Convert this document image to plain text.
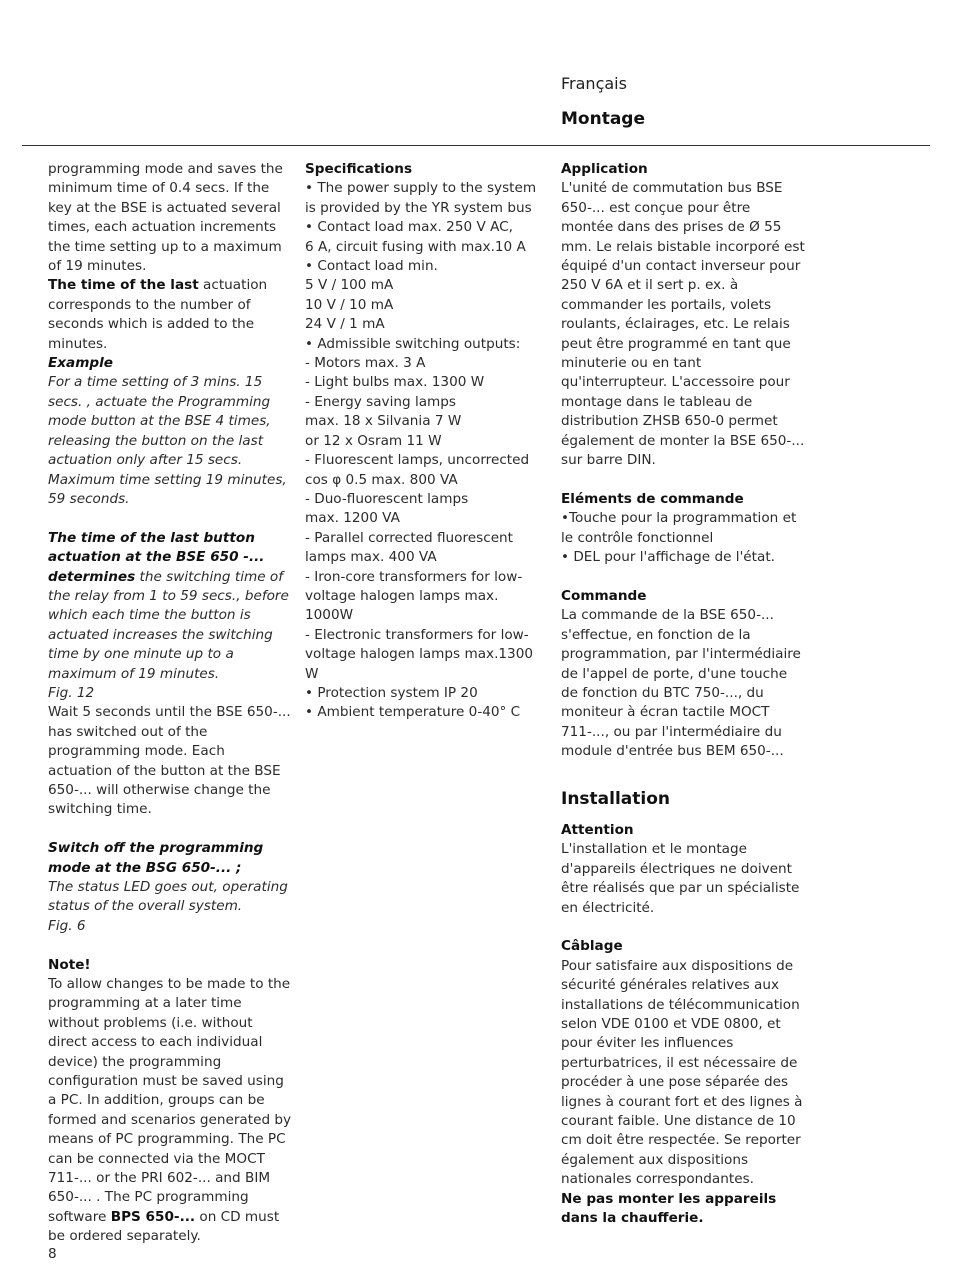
Français
Montage

programming mode and saves the minimum time of 0.4 secs. If the key at the BSE is actuated several times, each actuation increments the time setting up to a maximum of 19 minutes.

The time of the last actuation corresponds to the number of seconds which is added to the minutes.

Example

For a time setting of 3 mins. 15 secs. , actuate the Programming mode button at the BSE 4 times, releasing the button on the last actuation only after 15 secs. Maximum time setting 19 minutes, 59 seconds.

The time of the last button actuation at the BSE 650 -... determines the switching time of the relay from 1 to 59 secs., before which each time the button is actuated increases the switching time by one minute up to a maximum of 19 minutes.

Fig. 12

Wait 5 seconds until the BSE 650-... has switched out of the programming mode. Each actuation of the button at the BSE 650-... will otherwise change the switching time.

Switch off the programming mode at the BSG 650-... ;

The status LED goes out, operating status of the overall system.

Fig. 6

Note!

To allow changes to be made to the programming at a later time without problems (i.e. without direct access to each individual device) the programming configuration must be saved using a PC. In addition, groups can be formed and scenarios generated by means of PC programming. The PC can be connected via the MOCT 711-... or the PRI 602-... and BIM 650-... . The PC programming software BPS 650-... on CD must be ordered separately.

Specifications

• The power supply to the system is provided by the YR system bus

• Contact load max. 250 V AC,

6 A, circuit fusing with max.10 A

• Contact load min.

5 V / 100 mA

10 V / 10 mA

24 V / 1 mA

• Admissible switching outputs:

- Motors max. 3 A

- Light bulbs max. 1300 W

- Energy saving lamps

max. 18 x Silvania 7 W

or 12 x Osram 11 W

- Fluorescent lamps, uncorrected cos φ 0.5 max. 800 VA

- Duo-fluorescent lamps

max. 1200 VA

- Parallel corrected fluorescent lamps max. 400 VA

- Iron-core transformers for low-voltage halogen lamps max. 1000W

- Electronic transformers for low-voltage halogen lamps max.1300 W

• Protection system IP 20

• Ambient temperature 0-40° C

Application

L'unité de commutation bus BSE 650-... est conçue pour être montée dans des prises de Ø 55 mm. Le relais bistable incorporé est équipé d'un contact inverseur pour 250 V 6A et il sert p. ex. à commander les portails, volets roulants, éclairages, etc. Le relais peut être programmé en tant que minuterie ou en tant qu'interrupteur. L'accessoire pour montage dans le tableau de distribution ZHSB 650-0 permet également de monter la BSE 650-... sur barre DIN.

Eléments de commande

•Touche pour la programmation et le contrôle fonctionnel

• DEL pour l'affichage de l'état.

Commande

La commande de la BSE 650-... s'effectue, en fonction de la programmation, par l'intermédiaire de l'appel de porte, d'une touche de fonction du BTC 750-..., du moniteur à écran tactile MOCT 711-..., ou par l'intermédiaire du module d'entrée bus BEM 650-...

Installation

Attention

L'installation et le montage d'appareils électriques ne doivent être réalisés que par un spécialiste en électricité.

Câblage

Pour satisfaire aux dispositions de sécurité générales relatives aux installations de télécommunication selon VDE 0100 et VDE 0800, et pour éviter les influences perturbatrices, il est nécessaire de procéder à une pose séparée des lignes à courant fort et des lignes à courant faible. Une distance de 10 cm doit être respectée. Se reporter également aux dispositions nationales correspondantes.

Ne pas monter les appareils dans la chaufferie.

8
